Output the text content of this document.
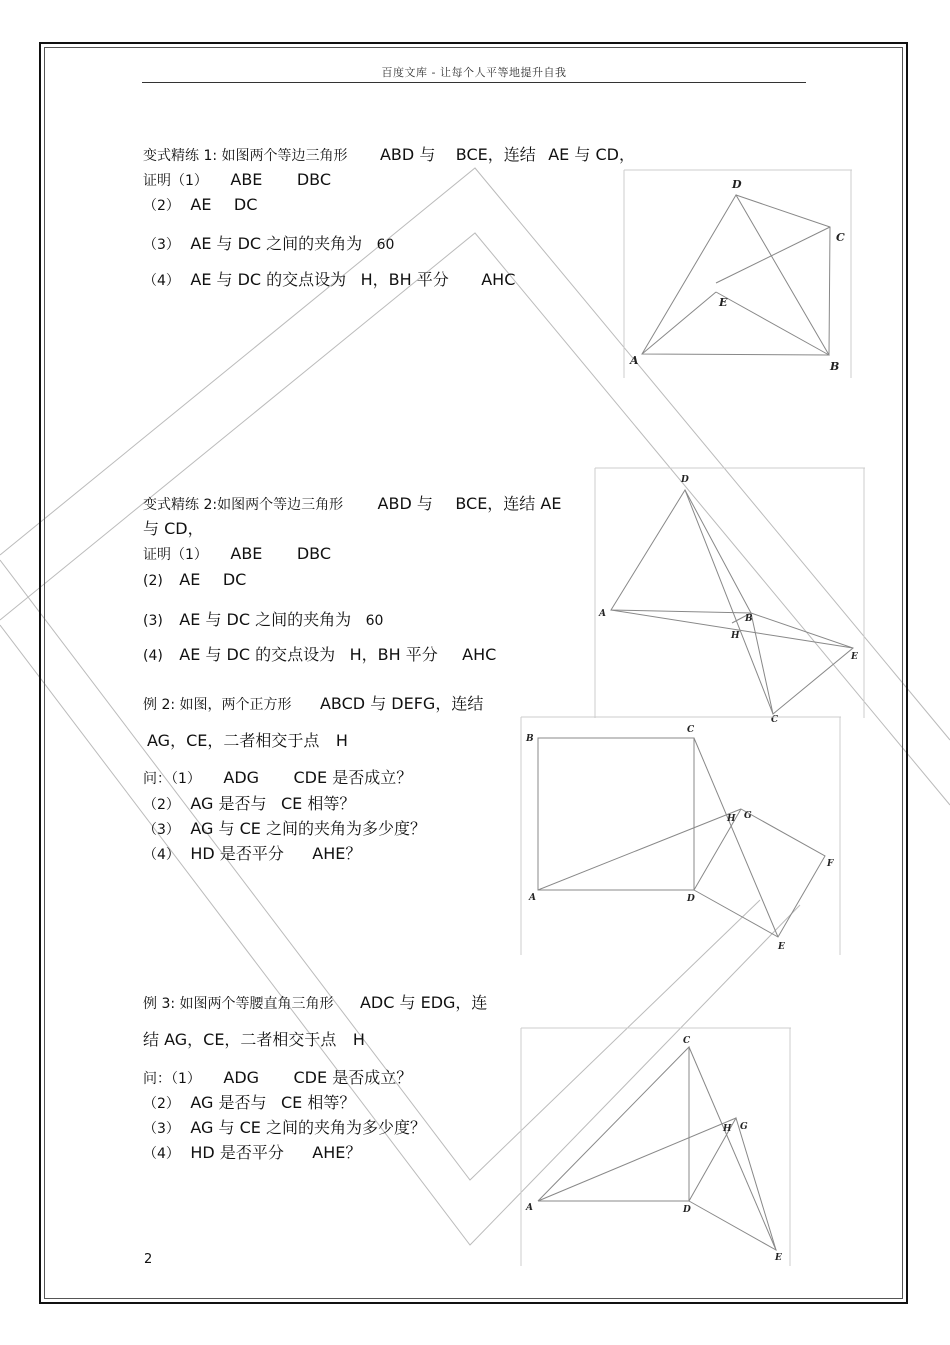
百度文库 - 让每个人平等地提升自我
变式精练 1: 如图两个等边三角形 ABD 与 BCE，连结 AE 与 CD，
证明（1） ABE DBC
（2） AE DC
（3） AE 与 DC 之间的夹角为 60
（4） AE 与 DC 的交点设为 H，BH 平分 AHC
D
C
E
A	B
变式精练 2:如图两个等边三角形 ABD 与 BCE，连结 AE
与 CD，
证明（1） ABE DBC
(2) AE DC
(3) AE 与 DC 之间的夹角为 60
(4) AE 与 DC 的交点设为 H，BH 平分 AHC
D
A	B
H
E
C
例 2: 如图，两个正方形 ABCD 与 DEFG，连结
AG，CE，二者相交于点 H
问：（1） ADG CDE 是否成立？
（2） AG 是否与 CE 相等？
（3） AG 与 CE 之间的夹角为多少度？
（4） HD 是否平分 AHE？
B
C
H G
F
A	D
E
例 3: 如图两个等腰直角三角形 ADC 与 EDG，连
结 AG，CE，二者相交于点 H
问：（1） ADG CDE 是否成立？
（2） AG 是否与 CE 相等？
（3） AG 与 CE 之间的夹角为多少度？
（4） HD 是否平分 AHE？
C
H G
A	D
E
2
